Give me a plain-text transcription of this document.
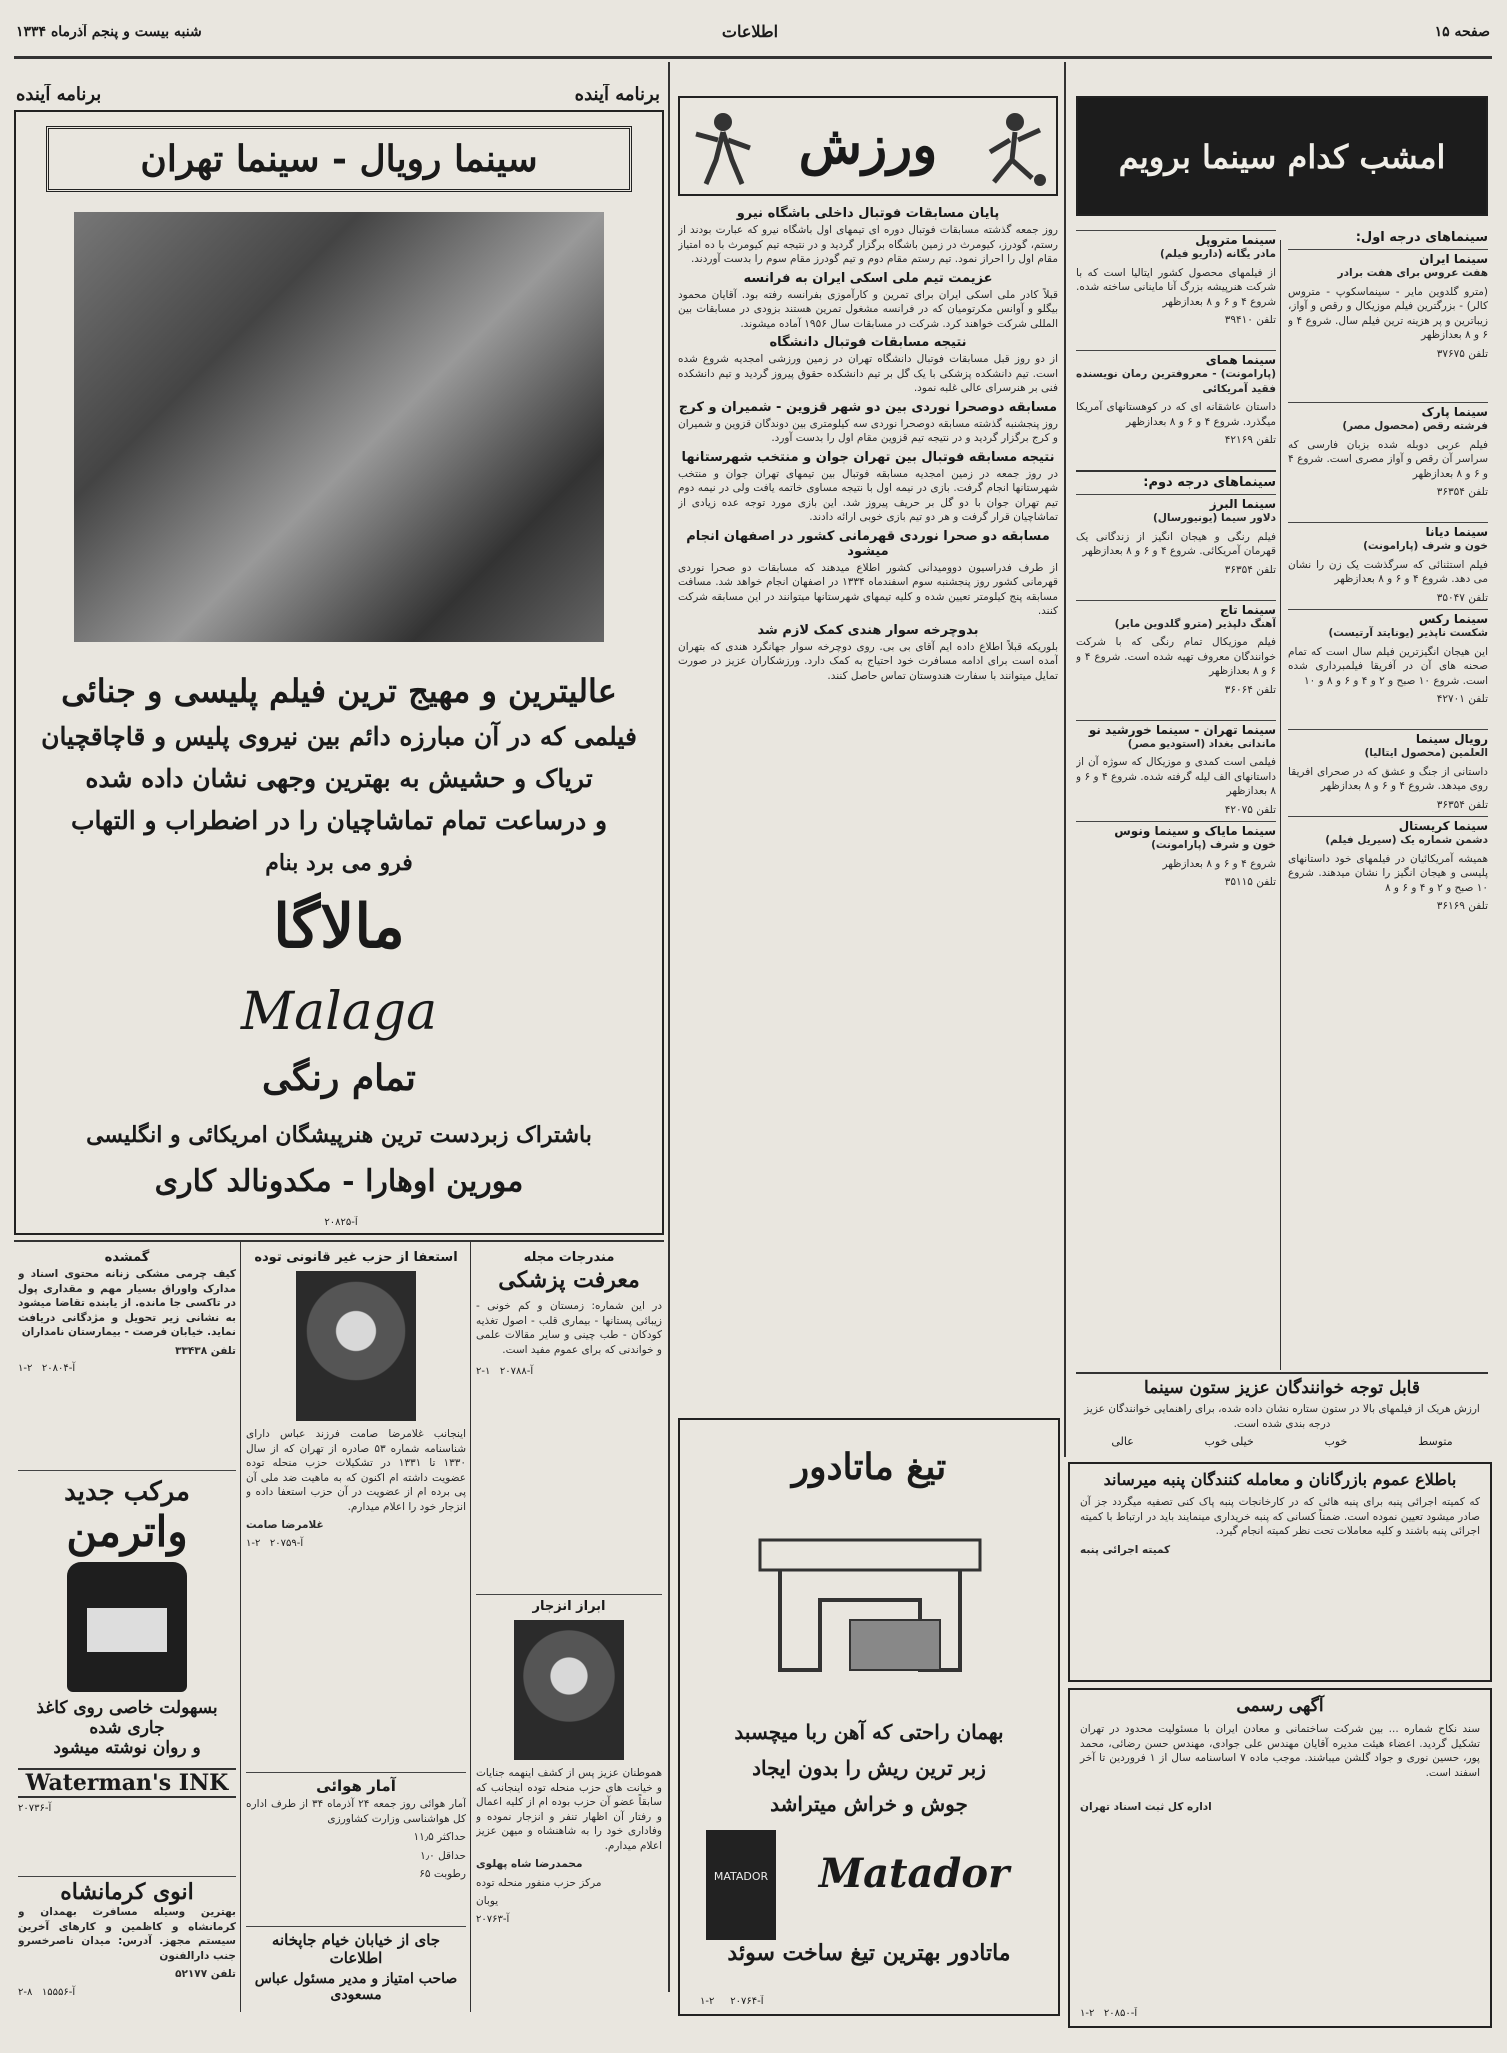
صفحه ۱۵
اطلاعات
شنبه بیست و پنجم آذرماه ۱۳۳۴
امشب کدام سینما برویم
سینماهای درجه اول:
سینما ایران
هفت عروس برای هفت برادر
(مترو گلدوین مایر - سینماسکوپ - متروس کالر) - بزرگترین فیلم موزیکال و رقص و آواز، زیباترین و پر هزینه ترین فیلم سال. شروع ۴ و ۶ و ۸ بعدازظهر
تلفن ۳۷۶۷۵

سینما پارک
فرشته رقص (محصول مصر)
فیلم عربی دوبله شده بزبان فارسی که سراسر آن رقص و آواز مصری است. شروع ۴ و ۶ و ۸ بعدازظهر
تلفن ۳۶۳۵۴

سینما دیانا
خون و شرف (پارامونت)
فیلم استثنائی که سرگذشت یک زن را نشان می دهد. شروع ۴ و ۶ و ۸ بعدازظهر
تلفن ۳۵۰۴۷
سینما رکس
شکست ناپذیر (یونایتد آرتیست)
این هیجان انگیزترین فیلم سال است که تمام صحنه های آن در آفریقا فیلمبرداری شده است. شروع ۱۰ صبح و ۲ و ۴ و ۶ و ۸ و ۱۰
تلفن ۴۲۷۰۱

رویال سینما
العلمین (محصول ایتالیا)
داستانی از جنگ و عشق که در صحرای افریقا روی میدهد. شروع ۴ و ۶ و ۸ بعدازظهر
تلفن ۳۶۳۵۴
سینما کریستال
دشمن شماره یک (سیریل فیلم)
همیشه آمریکائیان در فیلمهای خود داستانهای پلیسی و هیجان انگیز را نشان میدهند. شروع ۱۰ صبح و ۲ و ۴ و ۶ و ۸
تلفن ۳۶۱۶۹
سینما متروپل
مادر یگانه (داریو فیلم)
از فیلمهای محصول کشور ایتالیا است که با شرکت هنرپیشه بزرگ آنا ماینانی ساخته شده. شروع ۴ و ۶ و ۸ بعدازظهر
تلفن ۳۹۴۱۰

سینما همای
(پارامونت) - معروفترین رمان نویسنده فقید آمریکائی
داستان عاشقانه ای که در کوهستانهای آمریکا میگذرد. شروع ۴ و ۶ و ۸ بعدازظهر
تلفن ۴۲۱۶۹

سینماهای درجه دوم:
سینما البرز
دلاور سیما (یونیورسال)
فیلم رنگی و هیجان انگیز از زندگانی یک قهرمان آمریکائی. شروع ۴ و ۶ و ۸ بعدازظهر
تلفن ۳۶۳۵۴

سینما تاج
آهنگ دلپذیر (مترو گلدوین مایر)
فیلم موزیکال تمام رنگی که با شرکت خوانندگان معروف تهیه شده است. شروع ۴ و ۶ و ۸ بعدازظهر
تلفن ۳۶۰۶۴

سینما تهران - سینما خورشید نو
ماندانی بغداد (استودیو مصر)
فیلمی است کمدی و موزیکال که سوژه آن از داستانهای الف لیله گرفته شده. شروع ۴ و ۶ و ۸ بعدازظهر
تلفن ۴۲۰۷۵
سینما مایاک و سینما ونوس
خون و شرف (پارامونت)
شروع ۴ و ۶ و ۸ بعدازظهر
تلفن ۳۵۱۱۵
قابل توجه خوانندگان عزیز ستون سینما
ارزش هریک از فیلمهای بالا در ستون ستاره نشان داده شده، برای راهنمایی خوانندگان عزیز درجه بندی شده است.
متوسط
خوب
خیلی خوب
عالی
باطلاع عموم بازرگانان و معامله کنندگان پنبه میرساند
که کمیته اجرائی پنبه برای پنبه هائی که در کارخانجات پنبه پاک کنی تصفیه میگردد جز آن صادر میشود تعیین نموده است. ضمناً کسانی که پنبه خریداری مینمایند باید در ارتباط با کمیته اجرائی پنبه باشند و کلیه معاملات تحت نظر کمیته انجام گیرد.
کمیته اجرائی پنبه
آگهی رسمی
سند نکاح شماره ... بین شرکت ساختمانی و معادن ایران با مسئولیت محدود در تهران تشکیل گردید. اعضاء هیئت مدیره آقایان مهندس علی جوادی، مهندس حسن رضائی، محمد پور، حسین نوری و جواد گلشن میباشند. موجب ماده ۷ اساسنامه سال از ۱ فروردین تا آخر اسفند است.
اداره کل ثبت اسناد تهران
آ-۲۰۸۵۰   ۲-۱
ورزش
پایان مسابقات فوتبال داخلی باشگاه نیرو
روز جمعه گذشته مسابقات فوتبال دوره ای تیمهای اول باشگاه نیرو که عبارت بودند از رستم، گودرز، کیومرث در زمین باشگاه برگزار گردید و در نتیجه تیم کیومرث با ده امتیاز مقام اول را احراز نمود. تیم رستم مقام دوم و تیم گودرز مقام سوم را بدست آوردند.
عزیمت تیم ملی اسکی ایران به فرانسه
قبلاً کادر ملی اسکی ایران برای تمرین و کارآموزی بفرانسه رفته بود. آقایان محمود بیگلو و آوانس مکرتومیان که در فرانسه مشغول تمرین هستند بزودی در مسابقات بین المللی شرکت خواهند کرد. شرکت در مسابقات سال ۱۹۵۶ آماده میشوند.
نتیجه مسابقات فوتبال دانشگاه
از دو روز قبل مسابقات فوتبال دانشگاه تهران در زمین ورزشی امجدیه شروع شده است. تیم دانشکده پزشکی با یک گل بر تیم دانشکده حقوق پیروز گردید و تیم دانشکده فنی بر هنرسرای عالی غلبه نمود.
مسابقه دوصحرا نوردی بین دو شهر قزوین - شمیران و کرج
روز پنجشنبه گذشته مسابقه دوصحرا نوردی سه کیلومتری بین دوندگان قزوین و شمیران و کرج برگزار گردید و در نتیجه تیم قزوین مقام اول را بدست آورد.
نتیجه مسابقه فوتبال بین تهران جوان و منتخب شهرستانها
در روز جمعه در زمین امجدیه مسابقه فوتبال بین تیمهای تهران جوان و منتخب شهرستانها انجام گرفت. بازی در نیمه اول با نتیجه مساوی خاتمه یافت ولی در نیمه دوم تیم تهران جوان با دو گل بر حریف پیروز شد. این بازی مورد توجه عده زیادی از تماشاچیان قرار گرفت و هر دو تیم بازی خوبی ارائه دادند.
مسابقه دو صحرا نوردی قهرمانی کشور در اصفهان انجام میشود
از طرف فدراسیون دوومیدانی کشور اطلاع میدهند که مسابقات دو صحرا نوردی قهرمانی کشور روز پنجشنبه سوم اسفندماه ۱۳۳۴ در اصفهان انجام خواهد شد. مسافت مسابقه پنج کیلومتر تعیین شده و کلیه تیمهای شهرستانها میتوانند در این مسابقه شرکت کنند.
بدوچرخه سوار هندی کمک لازم شد
بلوریکه قبلاً اطلاع داده ایم آقای بی بی. روی دوچرخه سوار جهانگرد هندی که بتهران آمده است برای ادامه مسافرت خود احتیاج به کمک دارد. ورزشکاران عزیز در صورت تمایل میتوانند با سفارت هندوستان تماس حاصل کنند.
تیغ ماتادور
بهمان راحتی که آهن ربا میچسبد
زبر ترین ریش را بدون ایجاد
جوش و خراش میتراشد
MATADOR	Matador
ماتادور بهترین تیغ ساخت سوئد
آ-۲۰۷۶۴     ۲-۱
برنامه آینده
برنامه آینده
سینما رویال - سینما تهران
عالیترین و مهیج ترین فیلم پلیسی و جنائی
فیلمی که در آن مبارزه دائم بین نیروی پلیس و قاچاقچیان
تریاک و حشیش به بهترین وجهی نشان داده شده
و درساعت تمام تماشاچیان را در اضطراب و التهاب
فرو می برد بنام
مالاگا
Malaga
تمام رنگی
باشتراک زبردست ترین هنرپیشگان امریکائی و انگلیسی
مورین اوهارا - مکدونالد کاری
آ-۲۰۸۲۵
مندرجات مجله
معرفت پزشکی
در این شماره: زمستان و کم خونی - زیبائی پستانها - بیماری قلب - اصول تغذیه کودکان - طب چینی و سایر مقالات علمی و خواندنی که برای عموم مفید است.
آ-۲۰۷۸۸   ۱-۲
ابراز انزجار
هموطنان عزیز پس از کشف اینهمه جنایات و خیانت های حزب منحله توده اینجانب که سابقاً عضو آن حزب بوده ام از کلیه اعمال و رفتار آن اظهار تنفر و انزجار نموده و وفاداری خود را به شاهنشاه و میهن عزیز اعلام میدارم.
محمدرضا شاه پهلوی
مرکز حزب منفور منحله توده
یوبان
آ-۲۰۷۶۳
استعفا از حزب غیر قانونی توده
اینجانب غلامرضا صامت فرزند عباس دارای شناسنامه شماره ۵۳ صادره از تهران که از سال ۱۳۳۰ تا ۱۳۳۱ در تشکیلات حزب منحله توده عضویت داشته ام اکنون که به ماهیت ضد ملی آن پی برده ام از عضویت در آن حزب استعفا داده و انزجار خود را اعلام میدارم.
غلامرضا صامت
آ-۲۰۷۵۹   ۲-۱
آمار هوائی
آمار هوائی روز جمعه ۲۴ آذرماه ۳۴ از طرف اداره کل هواشناسی وزارت کشاورزی
حداکثر ۱۱٫۵
حداقل ۱٫۰
رطوبت ۶۵
جای از خیابان خیام جاپخانه اطلاعات
صاحب امتیاز و مدیر مسئول عباس مسعودی
گمشده
کیف چرمی مشکی زنانه محتوی اسناد و مدارک واوراق بسیار مهم و مقداری پول در تاکسی جا مانده. از یابنده تقاضا میشود به نشانی زیر تحویل و مژدگانی دریافت نماید. خیابان فرصت - بیمارستان نامداران
تلفن ۳۳۴۳۸
آ-۲۰۸۰۴   ۲-۱
مرکب جدید
واترمن
بسهولت خاصی روی کاغذ جاری شده
و روان نوشته میشود
Waterman's INK
آ-۲۰۷۳۶
انوی کرمانشاه
بهترین وسیله مسافرت بهمدان و کرمانشاه و کاظمین و کارهای آخرین سیستم مجهز. آدرس: میدان ناصرخسرو جنب دارالفنون
تلفن ۵۲۱۷۷
آ-۱۵۵۵۶   ۸-۲
